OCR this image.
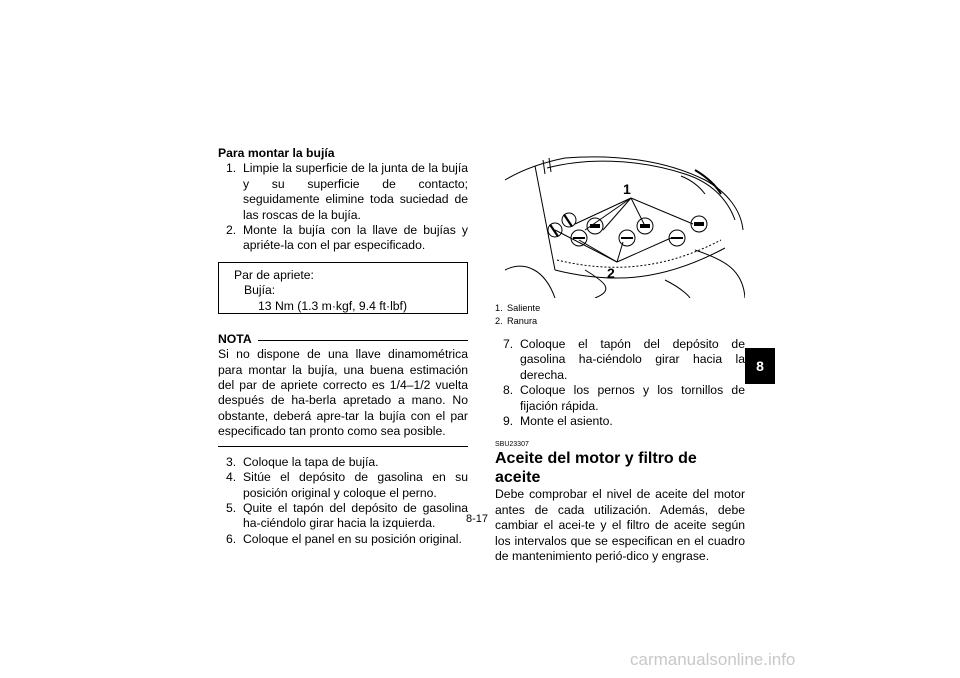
Para montar la bujía
1. Limpie la superficie de la junta de la bujía y su superficie de contacto; seguidamente elimine toda suciedad de las roscas de la bujía.
2. Monte la bujía con la llave de bujías y apriéte-la con el par especificado.
Par de apriete:
Bujía:
13 Nm (1.3 m·kgf, 9.4 ft·lbf)
NOTA
Si no dispone de una llave dinamométrica para montar la bujía, una buena estimación del par de apriete correcto es 1/4–1/2 vuelta después de ha-berla apretado a mano. No obstante, deberá apre-tar la bujía con el par especificado tan pronto como sea posible.
3. Coloque la tapa de bujía.
4. Sitúe el depósito de gasolina en su posición original y coloque el perno.
5. Quite el tapón del depósito de gasolina ha-ciéndolo girar hacia la izquierda.
6. Coloque el panel en su posición original.
1
2
1. Saliente
2. Ranura
7. Coloque el tapón del depósito de gasolina ha-ciéndolo girar hacia la derecha.
8. Coloque los pernos y los tornillos de fijación rápida.
9. Monte el asiento.
SBU23307
Aceite del motor y filtro de aceite
Debe comprobar el nivel de aceite del motor antes de cada utilización. Además, debe cambiar el acei-te y el filtro de aceite según los intervalos que se especifican en el cuadro de mantenimiento perió-dico y engrase.
8-17
8
carmanualsonline.info
